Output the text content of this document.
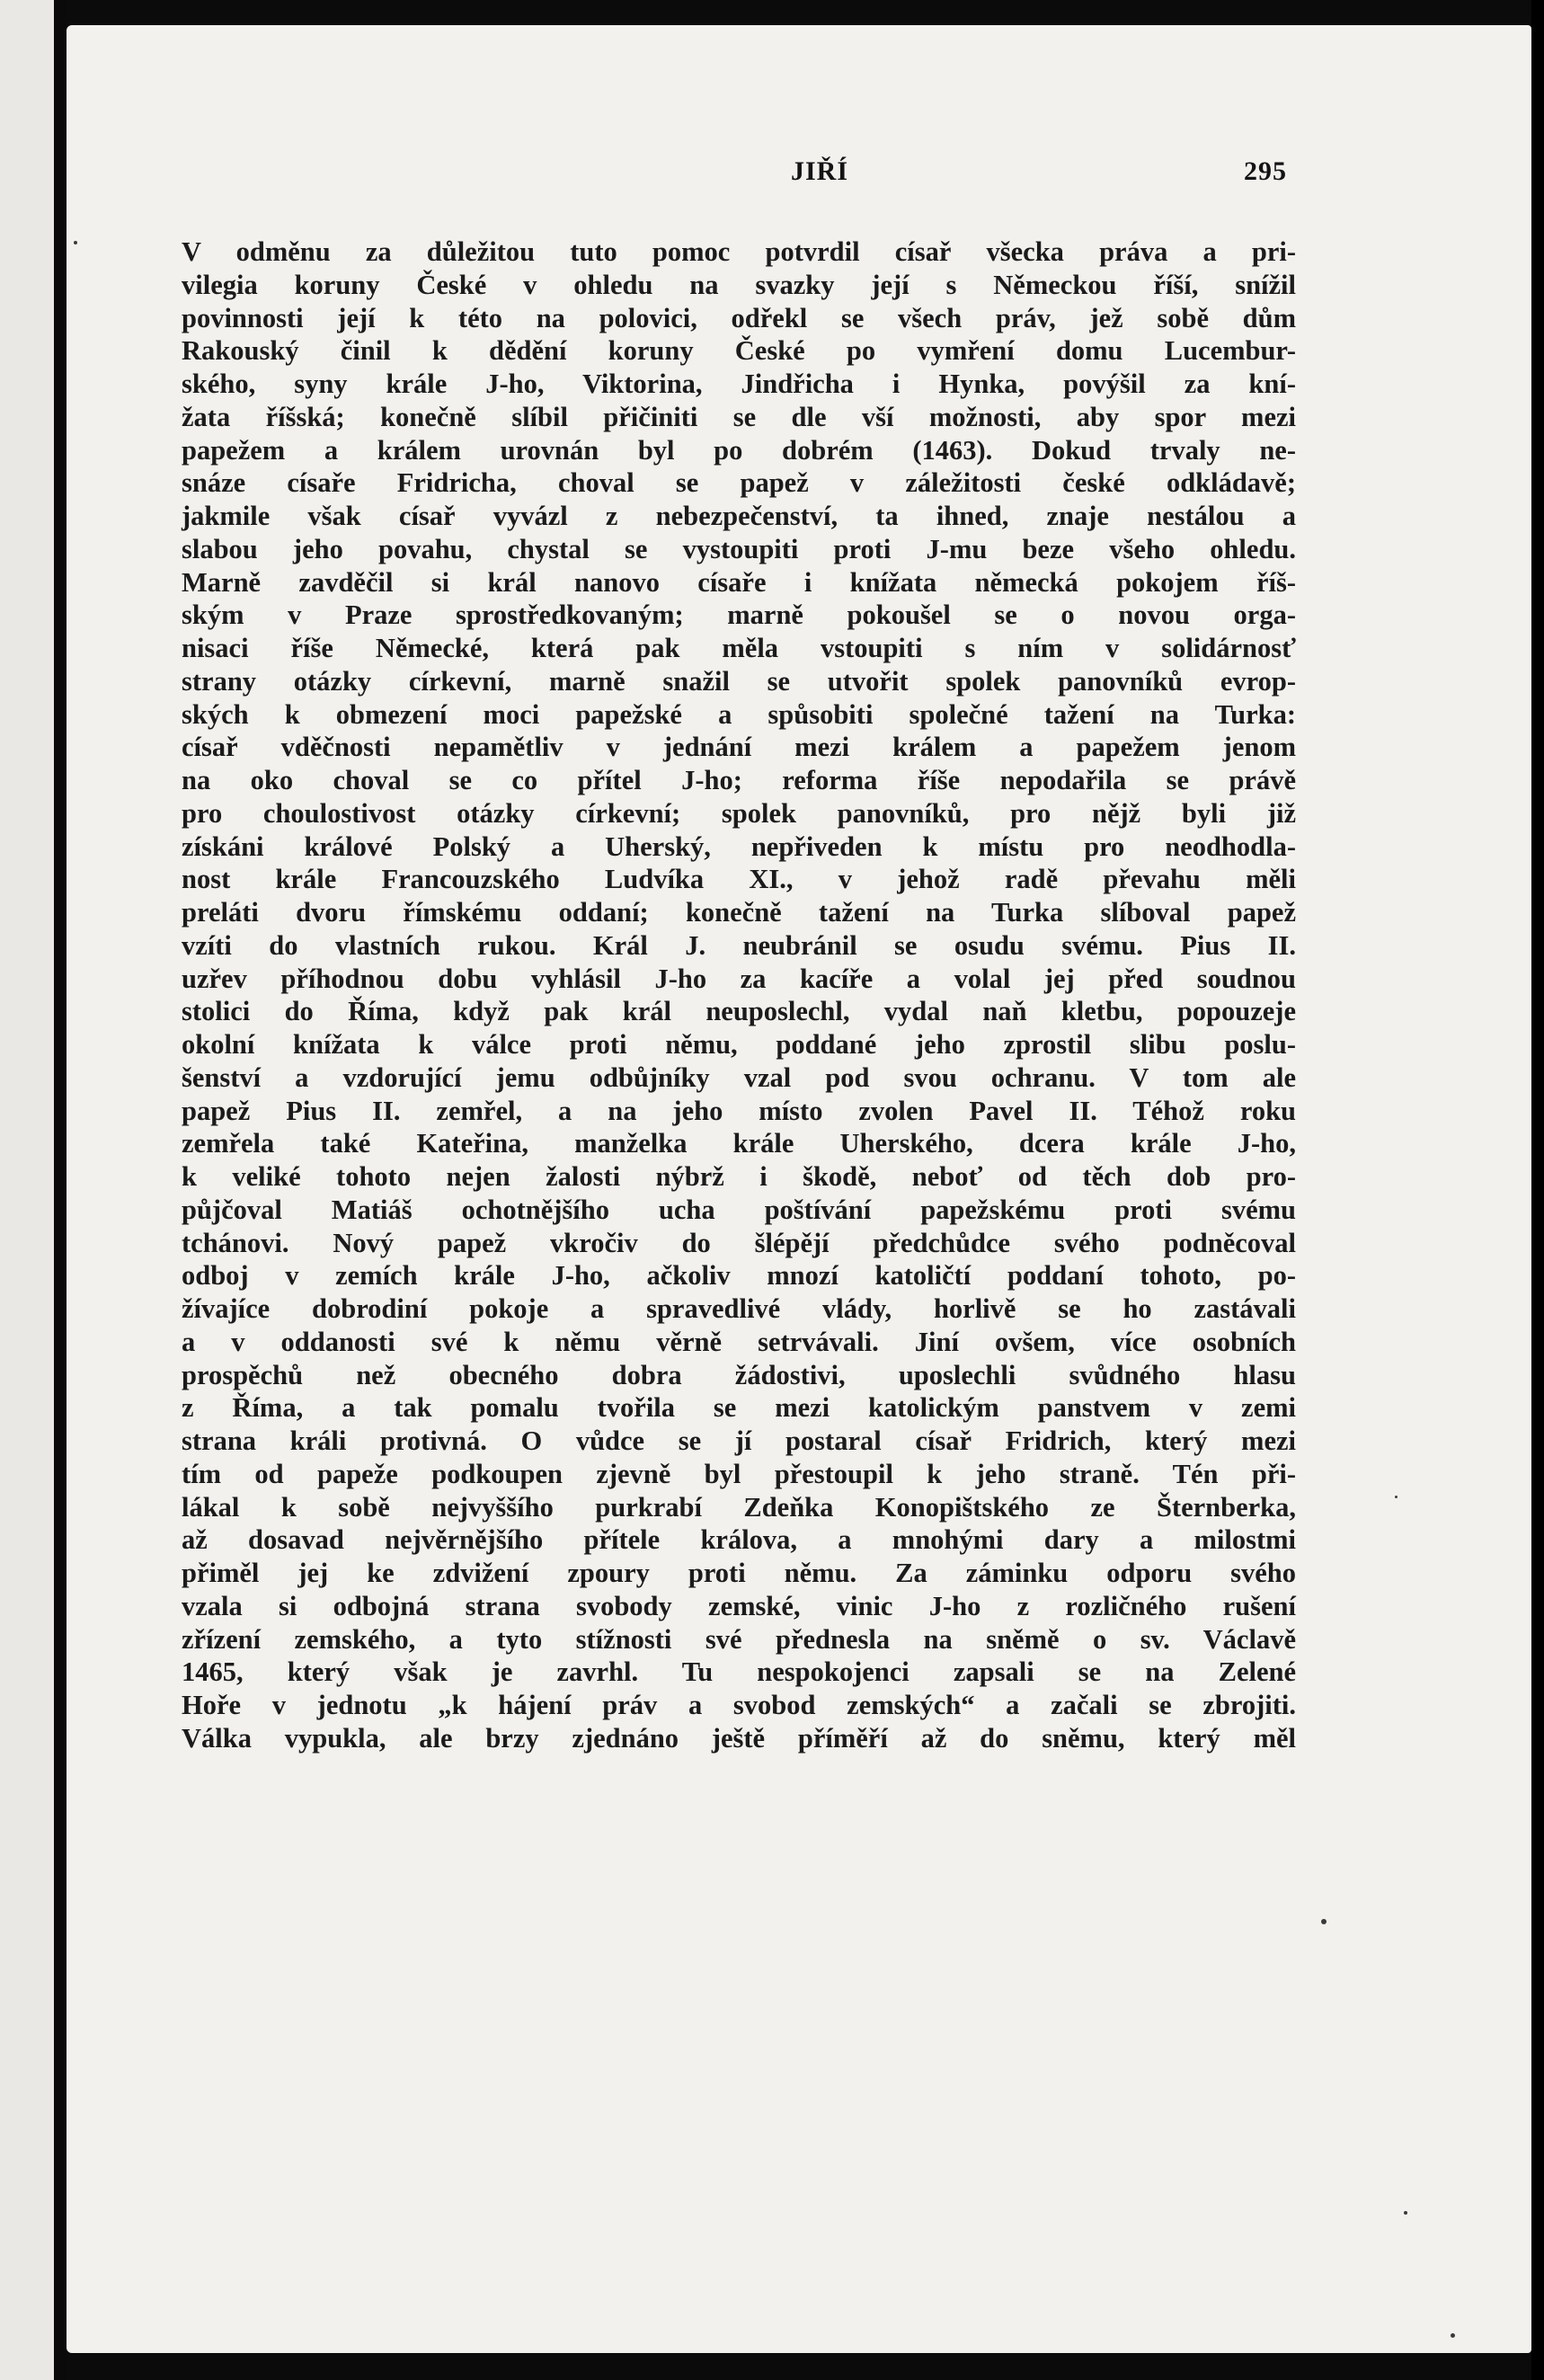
JIŘÍ	295
V odměnu za důležitou tuto pomoc potvrdil císař všecka práva a pri-
vilegia koruny České v ohledu na svazky její s Německou říší, snížil
povinnosti její k této na polovici, odřekl se všech práv, jež sobě dům
Rakouský činil k dědění koruny České po vymření domu Lucembur-
ského, syny krále J-ho, Viktorina, Jindřicha i Hynka, povýšil za kní-
žata říšská; konečně slíbil přičiniti se dle vší možnosti, aby spor mezi
papežem a králem urovnán byl po dobrém (1463). Dokud trvaly ne-
snáze císaře Fridricha, choval se papež v záležitosti české odkládavě;
jakmile však císař vyvázl z nebezpečenství, ta ihned, znaje nestálou a
slabou jeho povahu, chystal se vystoupiti proti J-mu beze všeho ohledu.
Marně zavděčil si král nanovo císaře i knížata německá pokojem říš-
ským v Praze sprostředkovaným; marně pokoušel se o novou orga-
nisaci říše Německé, která pak měla vstoupiti s ním v solidárnosť
strany otázky církevní, marně snažil se utvořit spolek panovníků evrop-
ských k obmezení moci papežské a spůsobiti společné tažení na Turka:
císař vděčnosti nepamětliv v jednání mezi králem a papežem jenom
na oko choval se co přítel J-ho; reforma říše nepodařila se právě
pro choulostivost otázky církevní; spolek panovníků, pro nějž byli již
získáni králové Polský a Uherský, nepřiveden k místu pro neodhodla-
nost krále Francouzského Ludvíka XI., v jehož radě převahu měli
preláti dvoru římskému oddaní; konečně tažení na Turka slíboval papež
vzíti do vlastních rukou. Král J. neubránil se osudu svému. Pius II.
uzřev příhodnou dobu vyhlásil J-ho za kacíře a volal jej před soudnou
stolici do Říma, když pak král neuposlechl, vydal naň kletbu, popouzeje
okolní knížata k válce proti němu, poddané jeho zprostil slibu poslu-
šenství a vzdorující jemu odbůjníky vzal pod svou ochranu. V tom ale
papež Pius II. zemřel, a na jeho místo zvolen Pavel II. Téhož roku
zemřela také Kateřina, manželka krále Uherského, dcera krále J-ho,
k veliké tohoto nejen žalosti nýbrž i škodě, neboť od těch dob pro-
půjčoval Matiáš ochotnějšího ucha poštívání papežskému proti svému
tchánovi. Nový papež vkročiv do šlépějí předchůdce svého podněcoval
odboj v zemích krále J-ho, ačkoliv mnozí katoličtí poddaní tohoto, po-
žívajíce dobrodiní pokoje a spravedlivé vlády, horlivě se ho zastávali
a v oddanosti své k němu věrně setrvávali. Jiní ovšem, více osobních
prospěchů než obecného dobra žádostivi, uposlechli svůdného hlasu
z Říma, a tak pomalu tvořila se mezi katolickým panstvem v zemi
strana králi protivná. O vůdce se jí postaral císař Fridrich, který mezi
tím od papeže podkoupen zjevně byl přestoupil k jeho straně. Tén při-
lákal k sobě nejvyššího purkrabí Zdeňka Konopištského ze Šternberka,
až dosavad nejvěrnějšího přítele králova, a mnohými dary a milostmi
přiměl jej ke zdvižení zpoury proti němu. Za záminku odporu svého
vzala si odbojná strana svobody zemské, vinic J-ho z rozličného rušení
zřízení zemského, a tyto stížnosti své přednesla na sněmě o sv. Václavě
1465, který však je zavrhl. Tu nespokojenci zapsali se na Zelené
Hoře v jednotu „k hájení práv a svobod zemských“ a začali se zbrojiti.
Válka vypukla, ale brzy zjednáno ještě příměří až do sněmu, který měl
